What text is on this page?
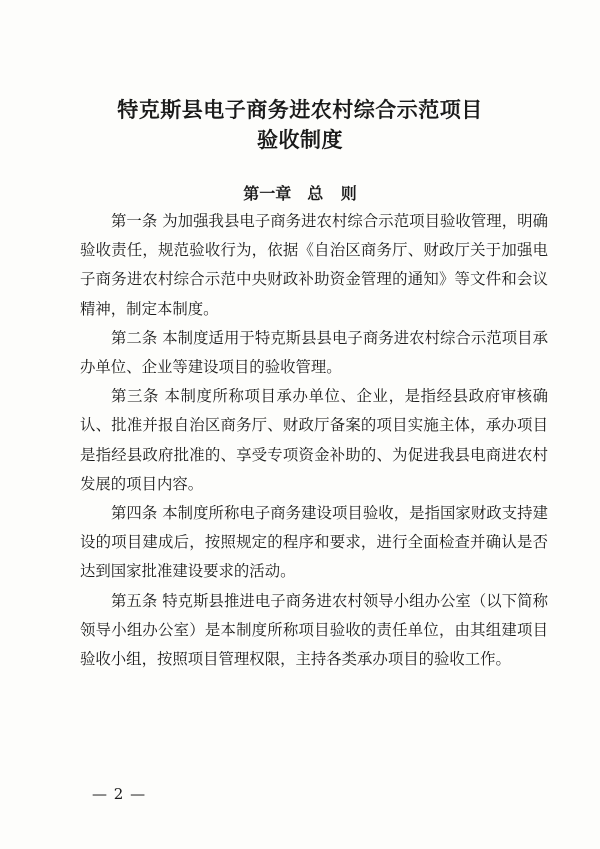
特克斯县电子商务进农村综合示范项目
验收制度
第一章　总 则

第一条 为加强我县电子商务进农村综合示范项目验收管理，明确验收责任，规范验收行为，依据《自治区商务厅、财政厅关于加强电子商务进农村综合示范中央财政补助资金管理的通知》等文件和会议精神，制定本制度。

第二条 本制度适用于特克斯县县电子商务进农村综合示范项目承办单位、企业等建设项目的验收管理。

第三条 本制度所称项目承办单位、企业，是指经县政府审核确认、批准并报自治区商务厅、财政厅备案的项目实施主体，承办项目是指经县政府批准的、享受专项资金补助的、为促进我县电商进农村发展的项目内容。

第四条 本制度所称电子商务建设项目验收，是指国家财政支持建设的项目建成后，按照规定的程序和要求，进行全面检查并确认是否达到国家批准建设要求的活动。

第五条 特克斯县推进电子商务进农村领导小组办公室（以下简称领导小组办公室）是本制度所称项目验收的责任单位，由其组建项目验收小组，按照项目管理权限，主持各类承办项目的验收工作。

— 2 —
